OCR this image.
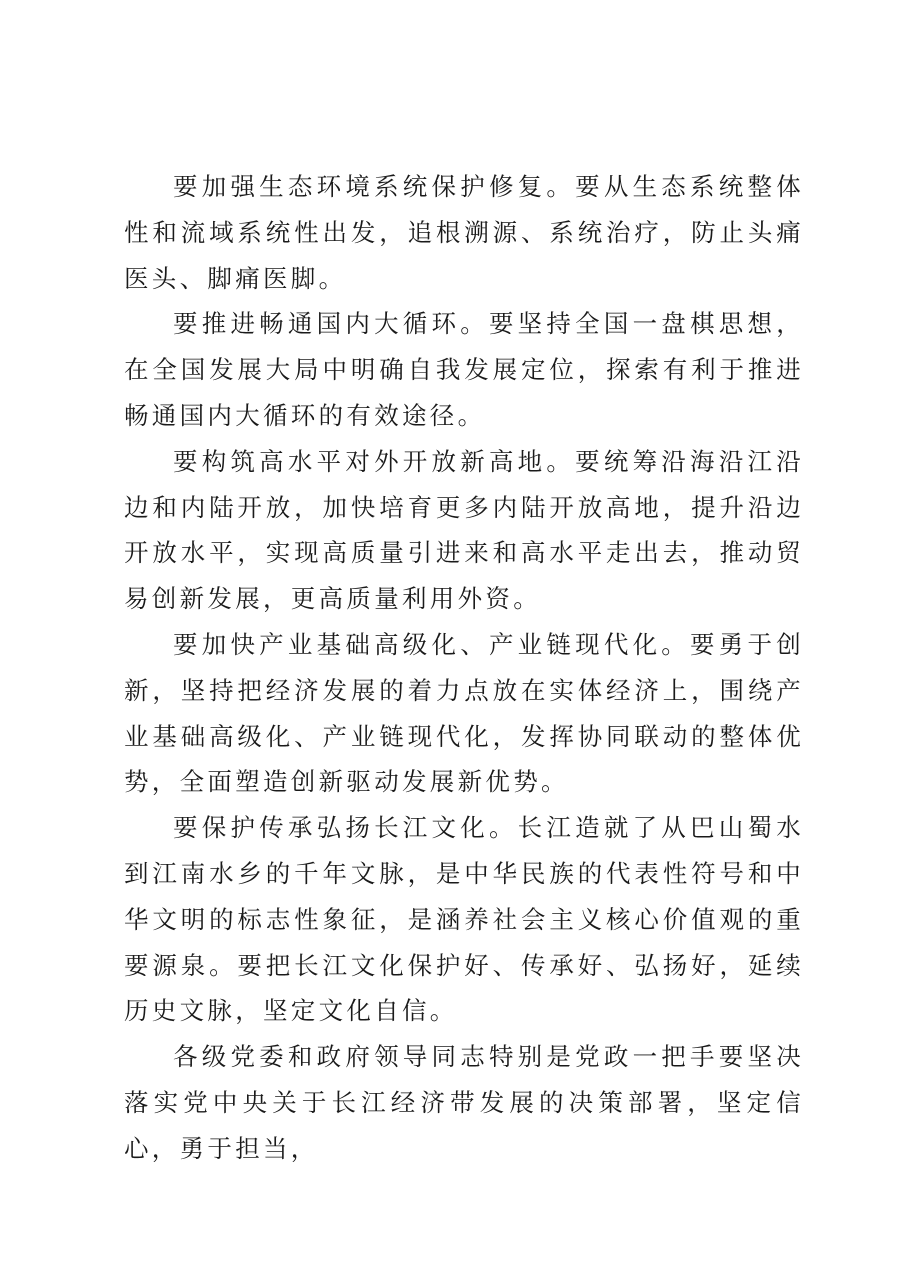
要加强生态环境系统保护修复。要从生态系统整体性和流域系统性出发，追根溯源、系统治疗，防止头痛医头、脚痛医脚。

要推进畅通国内大循环。要坚持全国一盘棋思想，在全国发展大局中明确自我发展定位，探索有利于推进畅通国内大循环的有效途径。

要构筑高水平对外开放新高地。要统筹沿海沿江沿边和内陆开放，加快培育更多内陆开放高地，提升沿边开放水平，实现高质量引进来和高水平走出去，推动贸易创新发展，更高质量利用外资。

要加快产业基础高级化、产业链现代化。要勇于创新，坚持把经济发展的着力点放在实体经济上，围绕产业基础高级化、产业链现代化，发挥协同联动的整体优势，全面塑造创新驱动发展新优势。

要保护传承弘扬长江文化。长江造就了从巴山蜀水到江南水乡的千年文脉，是中华民族的代表性符号和中华文明的标志性象征，是涵养社会主义核心价值观的重要源泉。要把长江文化保护好、传承好、弘扬好，延续历史文脉，坚定文化自信。

各级党委和政府领导同志特别是党政一把手要坚决落实党中央关于长江经济带发展的决策部署，坚定信心，勇于担当，
